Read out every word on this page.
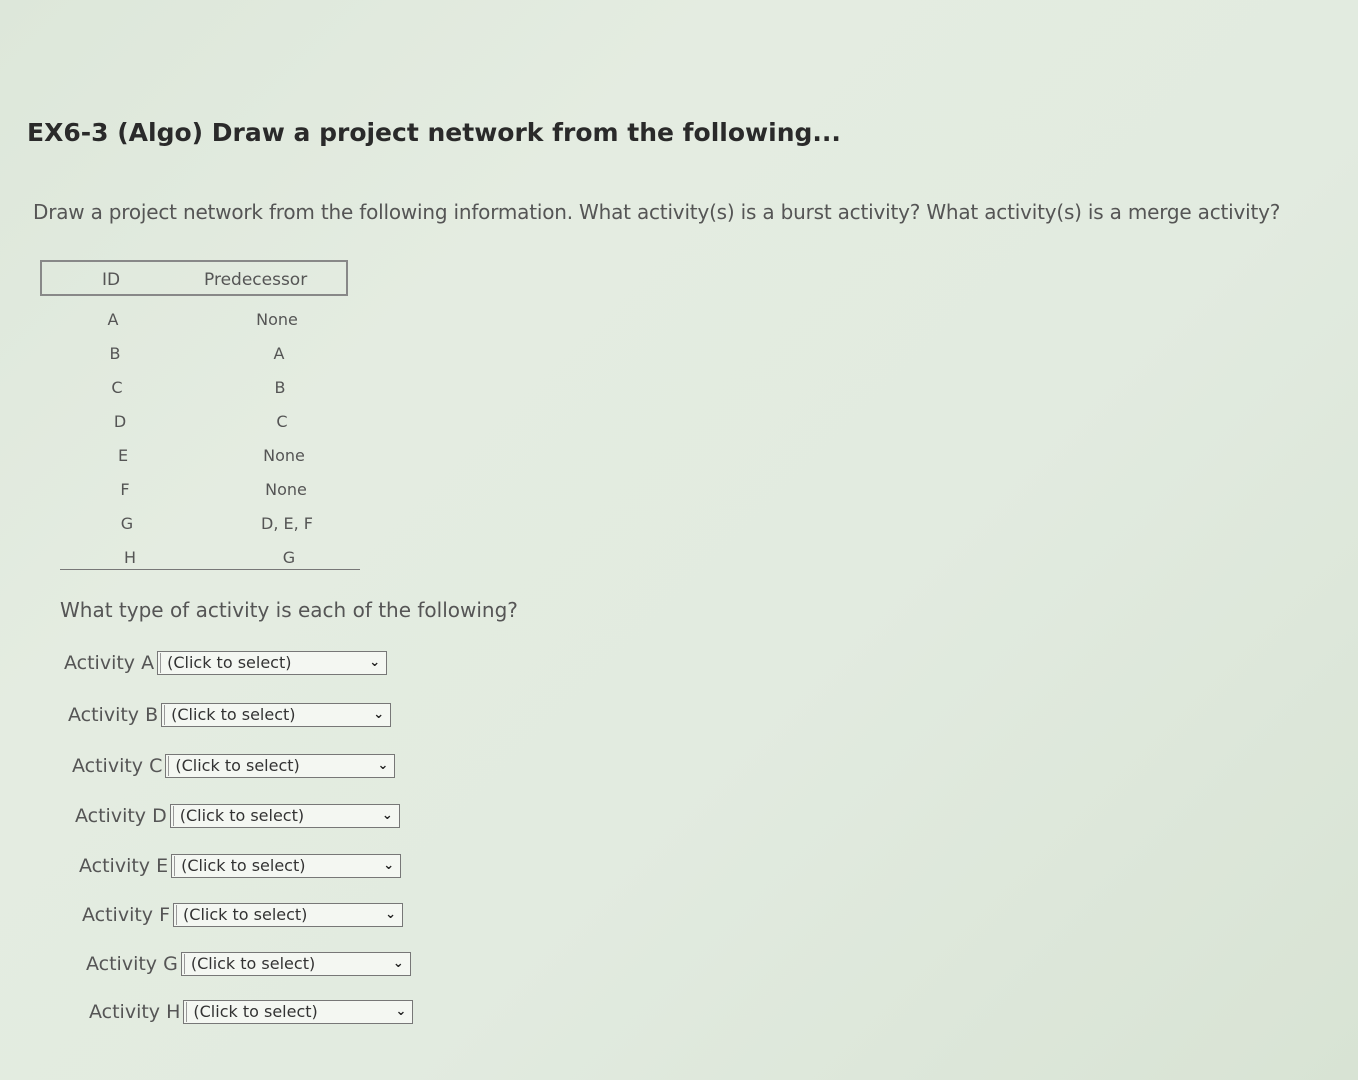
EX6-3 (Algo) Draw a project network from the following...
Draw a project network from the following information. What activity(s) is a burst activity? What activity(s) is a merge activity?
ID	Predecessor
A	None
B	A
C	B
D	C
E	None
F	None
G	D, E, F
H	G
What type of activity is each of the following?
Activity A (Click to select)	⌄
Activity B (Click to select)	⌄
Activity C (Click to select)	⌄
Activity D (Click to select)	⌄
Activity E (Click to select)	⌄
Activity F (Click to select)	⌄
Activity G (Click to select)	⌄
Activity H (Click to select)	⌄
